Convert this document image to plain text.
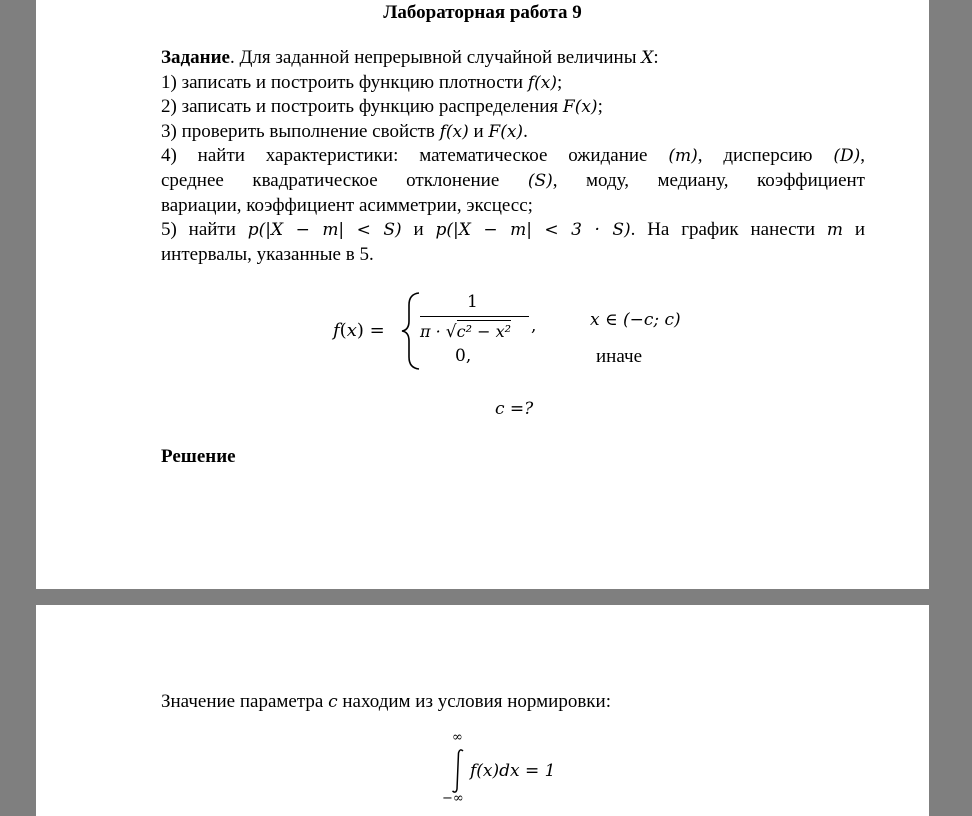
Лабораторная работа 9
Задание. Для заданной непрерывной случайной величины X:
1) записать и построить функцию плотности f(x);
2) записать и построить функцию распределения F(x);
3) проверить выполнение свойств f(x) и F(x).
4) найти характеристики: математическое ожидание (m), дисперсию (D),
среднее квадратическое отклонение (S), моду, медиану, коэффициент
вариации, коэффициент асимметрии, эксцесс;
5) найти p(|X − m| < S) и p(|X − m| < 3 · S). На график нанести m и
интервалы, указанные в 5.
f(x) =
1
π · √c² − x² ,
0,
x ∈ (−c; c)
иначе
c =?
Решение
Значение параметра c находим из условия нормировки:
∞
−∞
f(x)dx = 1
